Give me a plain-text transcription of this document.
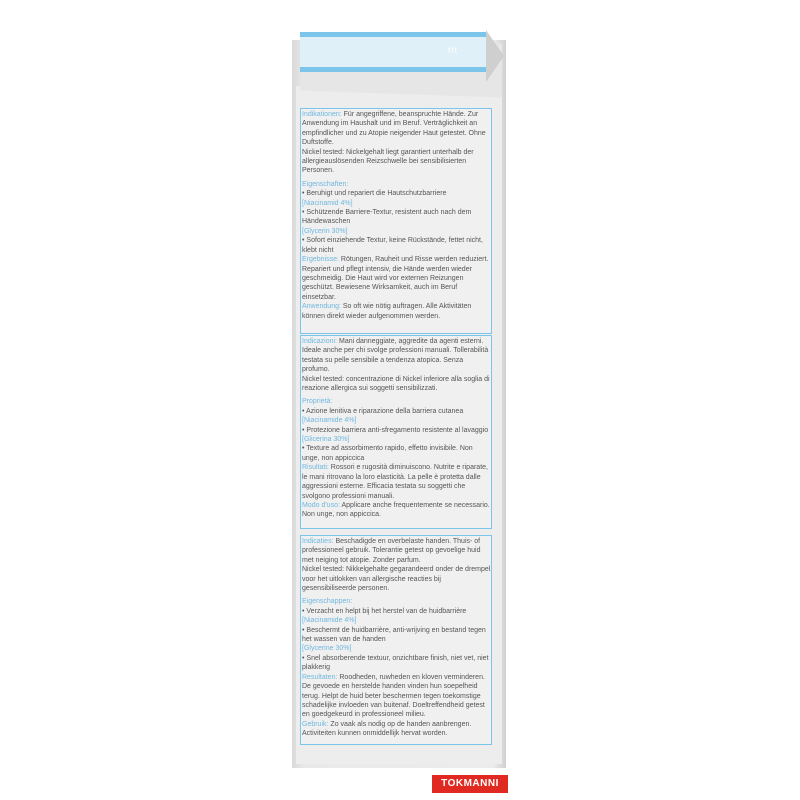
fit

Indikationen: Für angegriffene, beanspruchte Hände. Zur Anwendung im Haushalt und im Beruf. Verträglichkeit an empfindlicher und zu Atopie neigender Haut getestet. Ohne Duftstoffe.

Nickel tested: Nickelgehalt liegt garantiert unterhalb der allergieauslösenden Reizschwelle bei sensibilisierten Personen.

Eigenschaften:

• Beruhigt und repariert die Hautschutzbarriere

[Niacinamid 4%]

• Schützende Barriere-Textur, resistent auch nach dem Händewaschen

[Glycerin 30%]

• Sofort einziehende Textur, keine Rückstände, fettet nicht, klebt nicht

Ergebnisse: Rötungen, Rauheit und Risse werden reduziert. Repariert und pflegt intensiv, die Hände werden wieder geschmeidig. Die Haut wird vor externen Reizungen geschützt. Bewiesene Wirksamkeit, auch im Beruf einsetzbar.

Anwendung: So oft wie nötig auftragen. Alle Aktivitäten können direkt wieder aufgenommen werden.

Indicazioni: Mani danneggiate, aggredite da agenti esterni. Ideale anche per chi svolge professioni manuali. Tollerabilità testata su pelle sensibile a tendenza atopica. Senza profumo.

Nickel tested: concentrazione di Nickel inferiore alla soglia di reazione allergica sui soggetti sensibilizzati.

Proprietà:

• Azione lenitiva e riparazione della barriera cutanea

[Niacinamide 4%]

• Protezione barriera anti-sfregamento resistente al lavaggio

[Glicerina 30%]

• Texture ad assorbimento rapido, effetto invisibile. Non unge, non appiccica

Risultati: Rossori e rugosità diminuiscono. Nutrite e riparate, le mani ritrovano la loro elasticità. La pelle è protetta dalle aggressioni esterne. Efficacia testata su soggetti che svolgono professioni manuali.

Modo d'uso: Applicare anche frequentemente se necessario. Non unge, non appiccica.

Indicaties: Beschadigde en overbelaste handen. Thuis- of professioneel gebruik. Tolerantie getest op gevoelige huid met neiging tot atopie. Zonder parfum.

Nickel tested: Nikkelgehalte gegarandeerd onder de drempel voor het uitlokken van allergische reacties bij gesensibiliseerde personen.

Eigenschappen:

• Verzacht en helpt bij het herstel van de huidbarrière

[Niacinamide 4%]

• Beschermt de huidbarrière, anti-wrijving en bestand tegen het wassen van de handen

[Glycerine 30%]

• Snel absorberende textuur, onzichtbare finish, niet vet, niet plakkerig

Resultaten: Roodheden, ruwheden en kloven verminderen. De gevoede en herstelde handen vinden hun soepelheid terug. Helpt de huid beter beschermen tegen toekomstige schadelijke invloeden van buitenaf. Doeltreffendheid getest en goedgekeurd in professioneel milieu.

Gebruik: Zo vaak als nodig op de handen aanbrengen. Activiteiten kunnen onmiddellijk hervat worden.

TOKMANNI
